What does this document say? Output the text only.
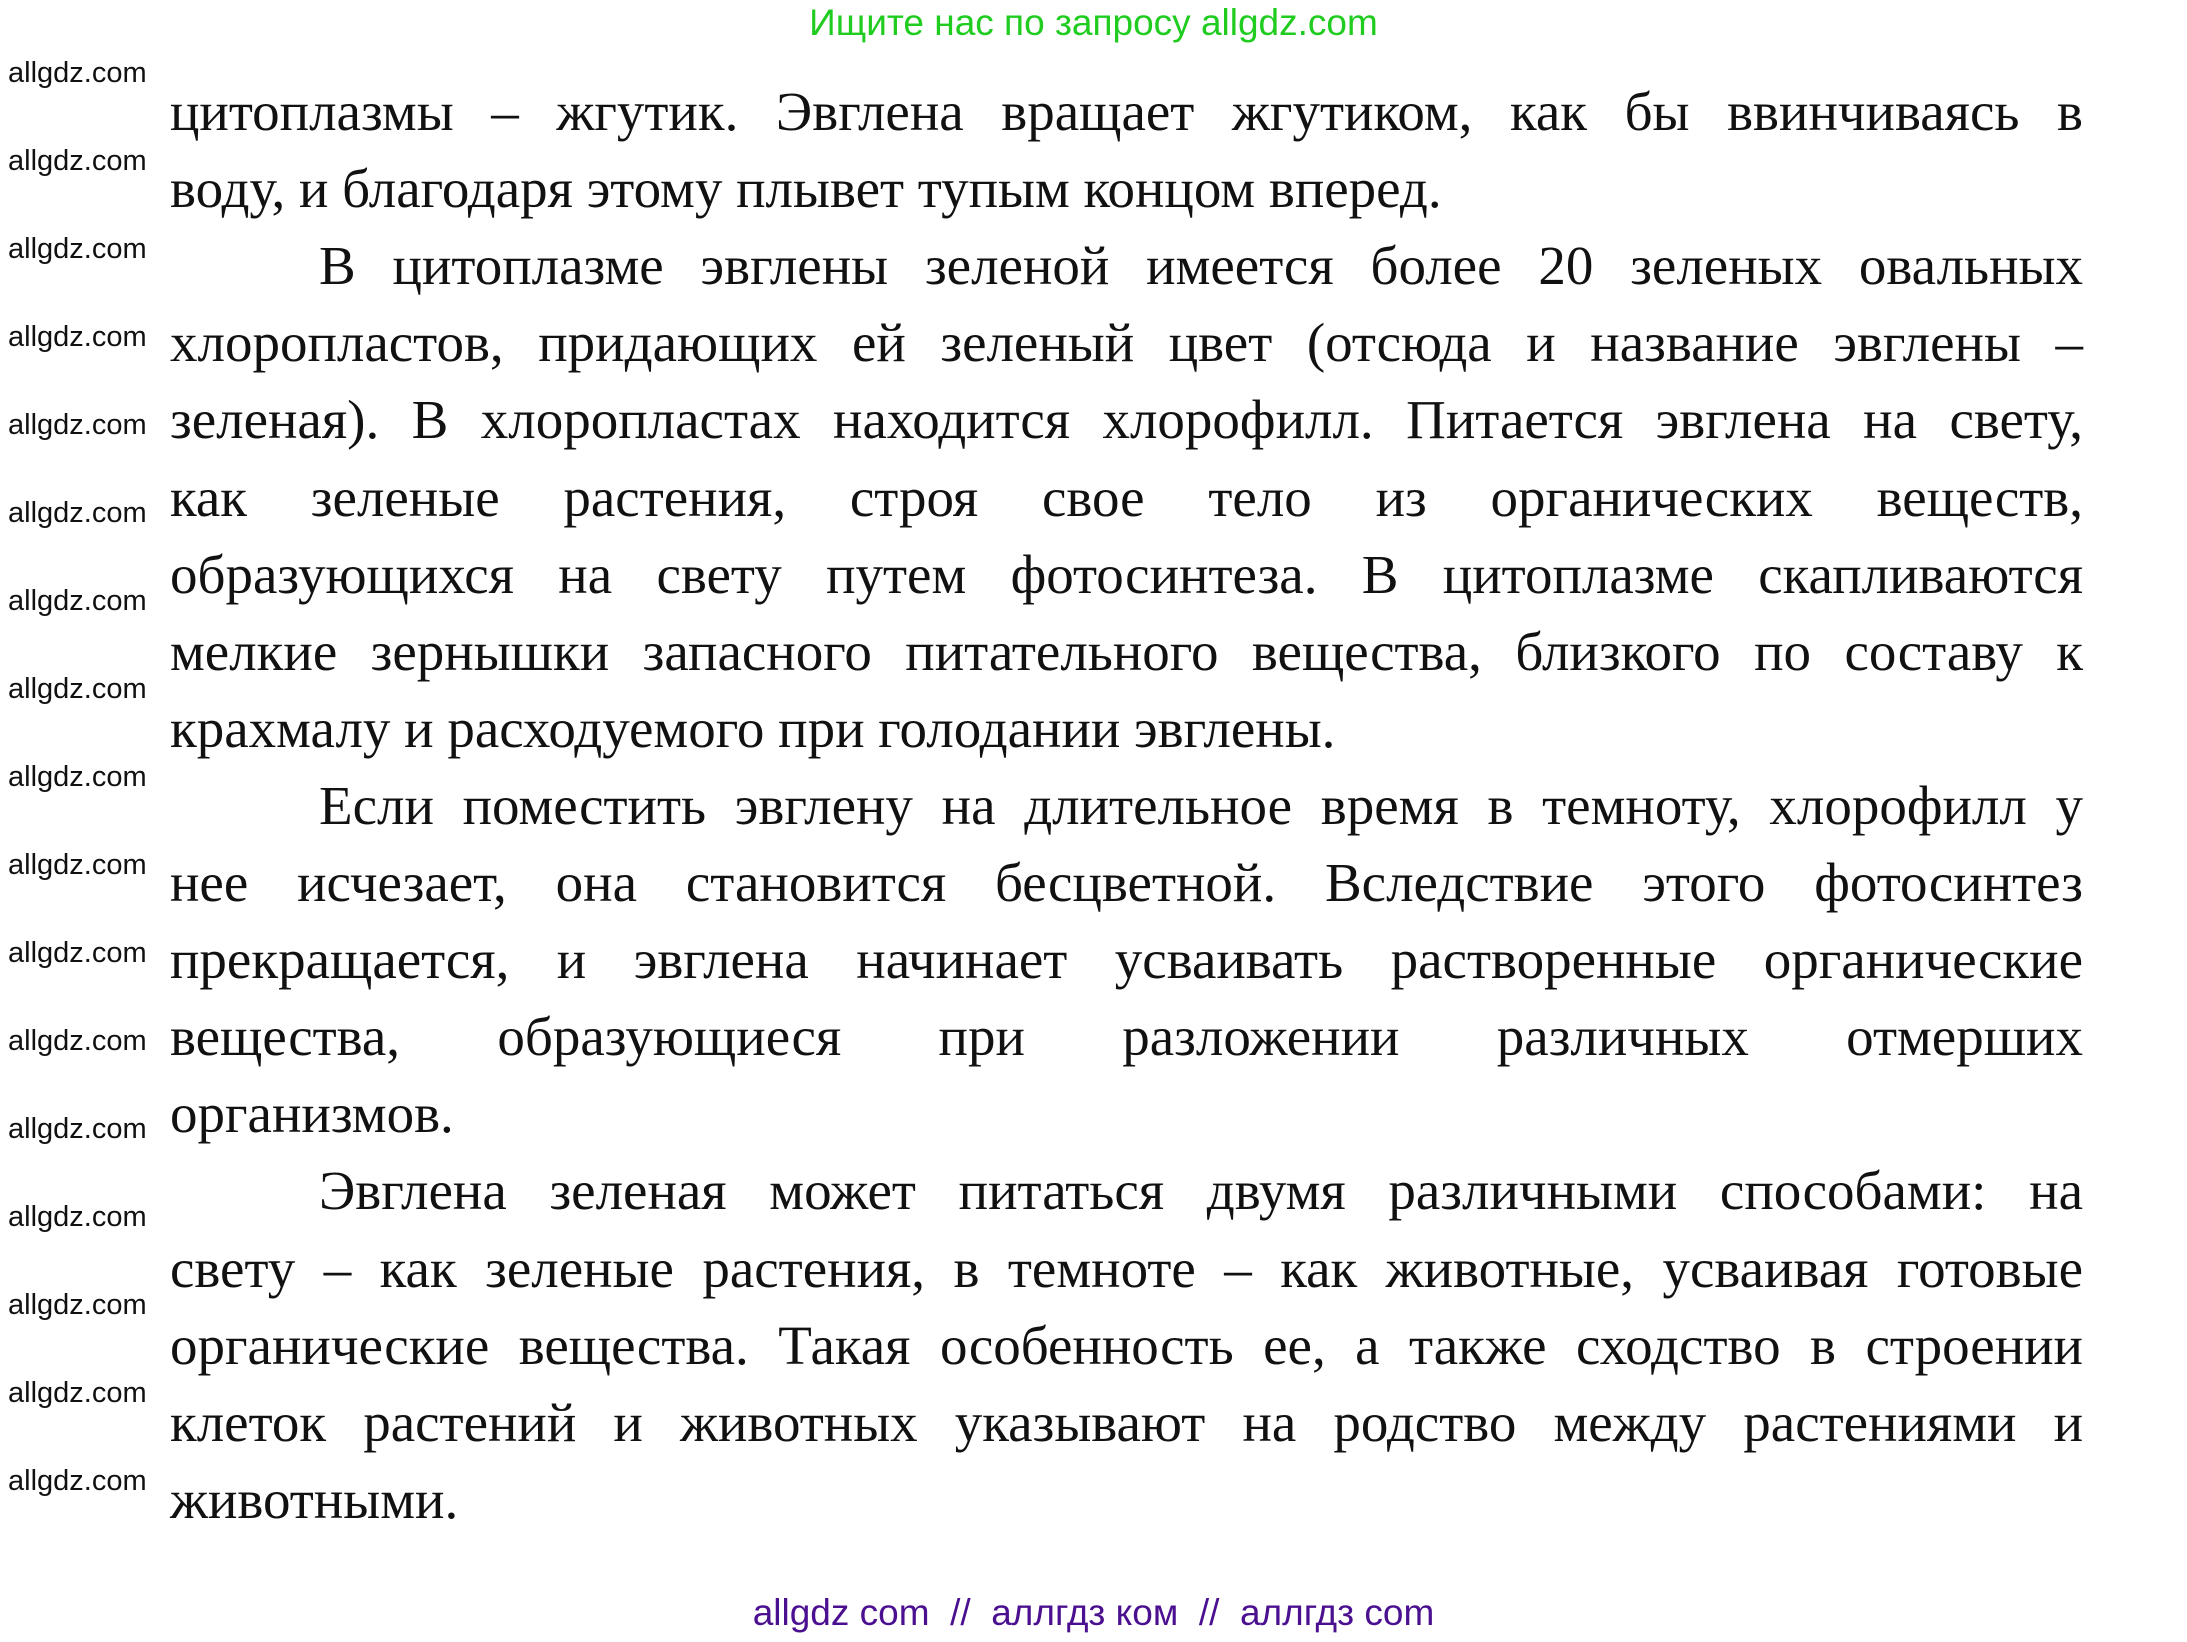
Ищите нас по запросу allgdz.com
цитоплазмы – жгутик. Эвглена вращает жгутиком, как бы ввинчиваясь в
воду, и благодаря этому плывет тупым концом вперед.
В цитоплазме эвглены зеленой имеется более 20 зеленых овальных
хлоропластов, придающих ей зеленый цвет (отсюда и название эвглены –
зеленая). В хлоропластах находится хлорофилл. Питается эвглена на свету,
как зеленые растения, строя свое тело из органических веществ,
образующихся на свету путем фотосинтеза. В цитоплазме скапливаются
мелкие зернышки запасного питательного вещества, близкого по составу к
крахмалу и расходуемого при голодании эвглены.
Если поместить эвглену на длительное время в темноту, хлорофилл у
нее исчезает, она становится бесцветной. Вследствие этого фотосинтез
прекращается, и эвглена начинает усваивать растворенные органические
вещества, образующиеся при разложении различных отмерших
организмов.
Эвглена зеленая может питаться двумя различными способами: на
свету – как зеленые растения, в темноте – как животные, усваивая готовые
органические вещества. Такая особенность ее, а также сходство в строении
клеток растений и животных указывают на родство между растениями и
животными.
allgdz.com
allgdz.com
allgdz.com
allgdz.com
allgdz.com
allgdz.com
allgdz.com
allgdz.com
allgdz.com
allgdz.com
allgdz.com
allgdz.com
allgdz.com
allgdz.com
allgdz.com
allgdz.com
allgdz.com
allgdz com  //  аллгдз ком  //  аллгдз com
